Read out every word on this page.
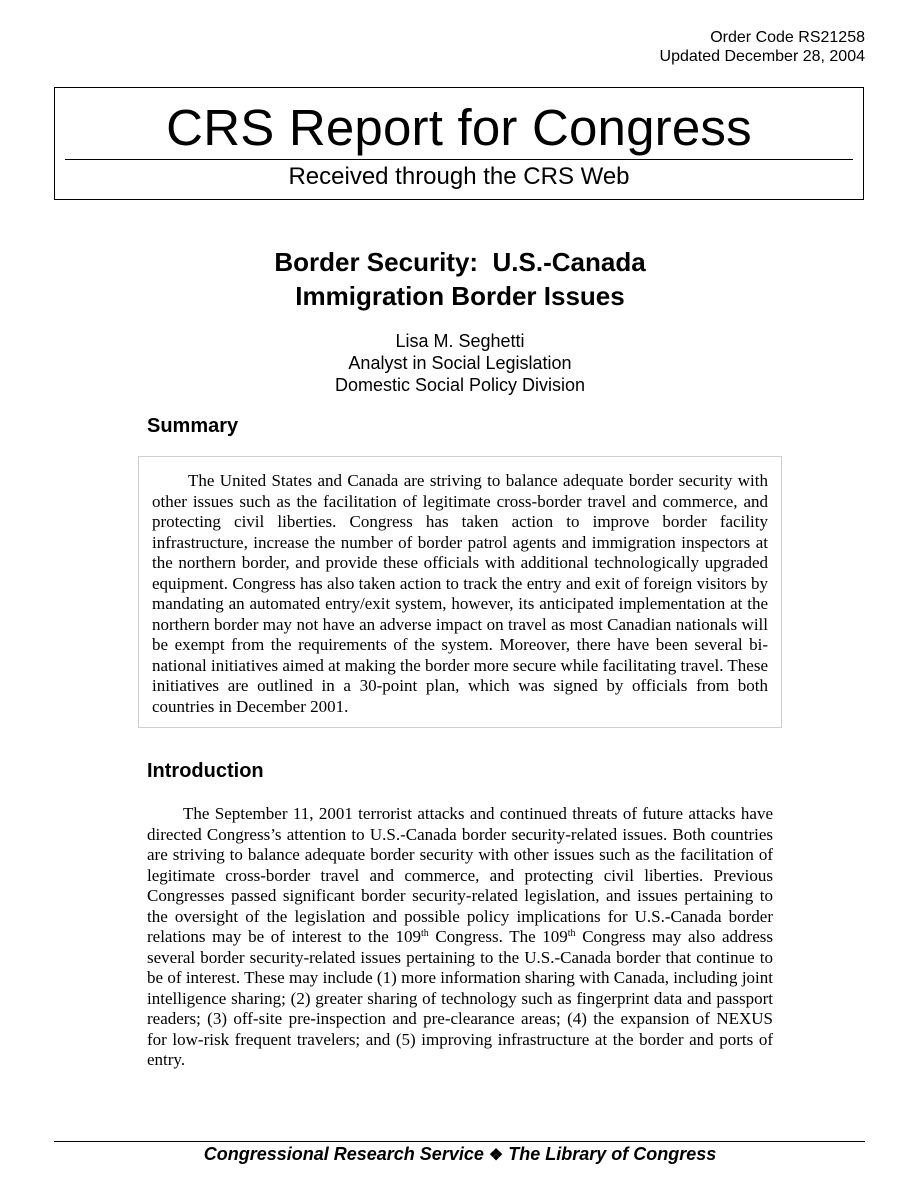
Order Code RS21258
Updated December 28, 2004
CRS Report for Congress
Received through the CRS Web
Border Security:  U.S.-Canada
Immigration Border Issues
Lisa M. Seghetti
Analyst in Social Legislation
Domestic Social Policy Division
Summary

The United States and Canada are striving to balance adequate border security with other issues such as the facilitation of legitimate cross-border travel and commerce, and protecting civil liberties. Congress has taken action to improve border facility infrastructure, increase the number of border patrol agents and immigration inspectors at the northern border, and provide these officials with additional technologically upgraded equipment. Congress has also taken action to track the entry and exit of foreign visitors by mandating an automated entry/exit system, however, its anticipated implementation at the northern border may not have an adverse impact on travel as most Canadian nationals will be exempt from the requirements of the system. Moreover, there have been several bi-national initiatives aimed at making the border more secure while facilitating travel. These initiatives are outlined in a 30-point plan, which was signed by officials from both countries in December 2001.

Introduction

The September 11, 2001 terrorist attacks and continued threats of future attacks have directed Congress’s attention to U.S.-Canada border security-related issues. Both countries are striving to balance adequate border security with other issues such as the facilitation of legitimate cross-border travel and commerce, and protecting civil liberties. Previous Congresses passed significant border security-related legislation, and issues pertaining to the oversight of the legislation and possible policy implications for U.S.-Canada border relations may be of interest to the 109th Congress. The 109th Congress may also address several border security-related issues pertaining to the U.S.-Canada border that continue to be of interest. These may include (1) more information sharing with Canada, including joint intelligence sharing; (2) greater sharing of technology such as fingerprint data and passport readers; (3) off-site pre-inspection and pre-clearance areas; (4) the expansion of NEXUS for low-risk frequent travelers; and (5) improving infrastructure at the border and ports of entry.

Congressional Research Service ❖ The Library of Congress
